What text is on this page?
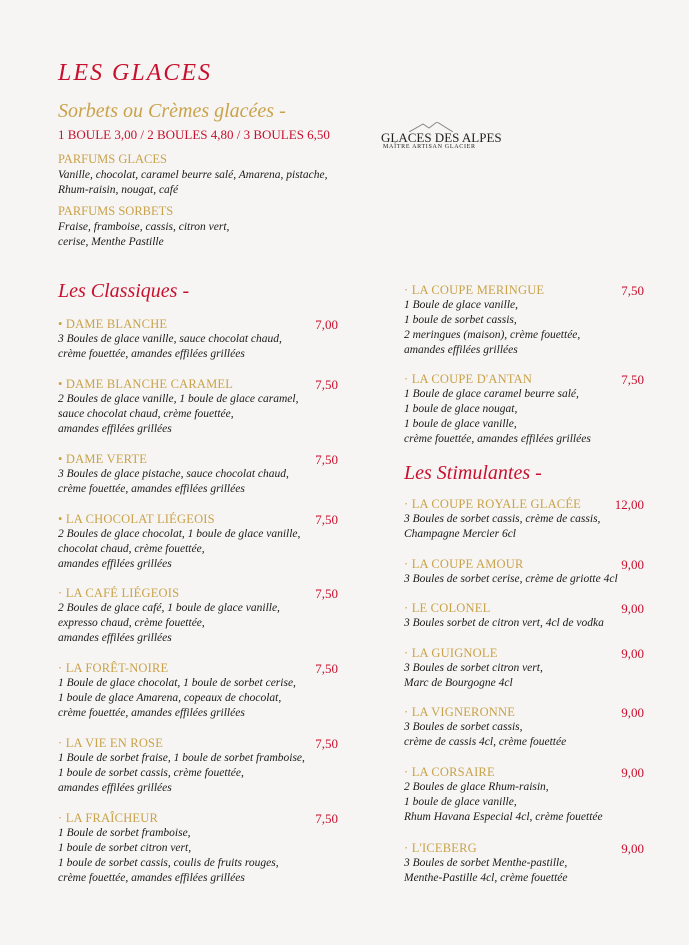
LES GLACES
Sorbets ou Crèmes glacées -
1 BOULE 3,00 / 2 BOULES 4,80 / 3 BOULES 6,50	GLACES DES ALPES
MAÎTRE ARTISAN GLACIER
PARFUMS GLACES
Vanille, chocolat, caramel beurre salé, Amarena, pistache,
Rhum-raisin, nougat, café
PARFUMS SORBETS
Fraise, framboise, cassis, citron vert,
cerise, Menthe Pastille
Les Classiques -
• DAME BLANCHE	7,00
3 Boules de glace vanille, sauce chocolat chaud,
crème fouettée, amandes effilées grillées
• DAME BLANCHE CARAMEL	7,50
2 Boules de glace vanille, 1 boule de glace caramel,
sauce chocolat chaud, crème fouettée,
amandes effilées grillées
• DAME VERTE	7,50
3 Boules de glace pistache, sauce chocolat chaud,
crème fouettée, amandes effilées grillées
• LA CHOCOLAT LIÉGEOIS	7,50
2 Boules de glace chocolat, 1 boule de glace vanille,
chocolat chaud, crème fouettée,
amandes effilées grillées
· LA CAFÉ LIÉGEOIS	7,50
2 Boules de glace café, 1 boule de glace vanille,
expresso chaud, crème fouettée,
amandes effilées grillées
· LA FORÊT-NOIRE	7,50
1 Boule de glace chocolat, 1 boule de sorbet cerise,
1 boule de glace Amarena, copeaux de chocolat,
crème fouettée, amandes effilées grillées
· LA VIE EN ROSE	7,50
1 Boule de sorbet fraise, 1 boule de sorbet framboise,
1 boule de sorbet cassis, crème fouettée,
amandes effilées grillées
· LA FRAÎCHEUR	7,50
1 Boule de sorbet framboise,
1 boule de sorbet citron vert,
1 boule de sorbet cassis, coulis de fruits rouges,
crème fouettée, amandes effilées grillées
· LA COUPE MERINGUE	7,50
1 Boule de glace vanille,
1 boule de sorbet cassis,
2 meringues (maison), crème fouettée,
amandes effilées grillées
· LA COUPE D'ANTAN	7,50
1 Boule de glace caramel beurre salé,
1 boule de glace nougat,
1 boule de glace vanille,
crème fouettée, amandes effilées grillées
Les Stimulantes -
· LA COUPE ROYALE GLACÉE	12,00
3 Boules de sorbet cassis, crème de cassis,
Champagne Mercier 6cl
· LA COUPE AMOUR	9,00
3 Boules de sorbet cerise, crème de griotte 4cl
· LE COLONEL	9,00
3 Boules sorbet de citron vert, 4cl de vodka
· LA GUIGNOLE	9,00
3 Boules de sorbet citron vert,
Marc de Bourgogne 4cl
· LA VIGNERONNE	9,00
3 Boules de sorbet cassis,
crème de cassis 4cl, crème fouettée
· LA CORSAIRE	9,00
2 Boules de glace Rhum-raisin,
1 boule de glace vanille,
Rhum Havana Especial 4cl, crème fouettée
· L'ICEBERG	9,00
3 Boules de sorbet Menthe-pastille,
Menthe-Pastille 4cl, crème fouettée
